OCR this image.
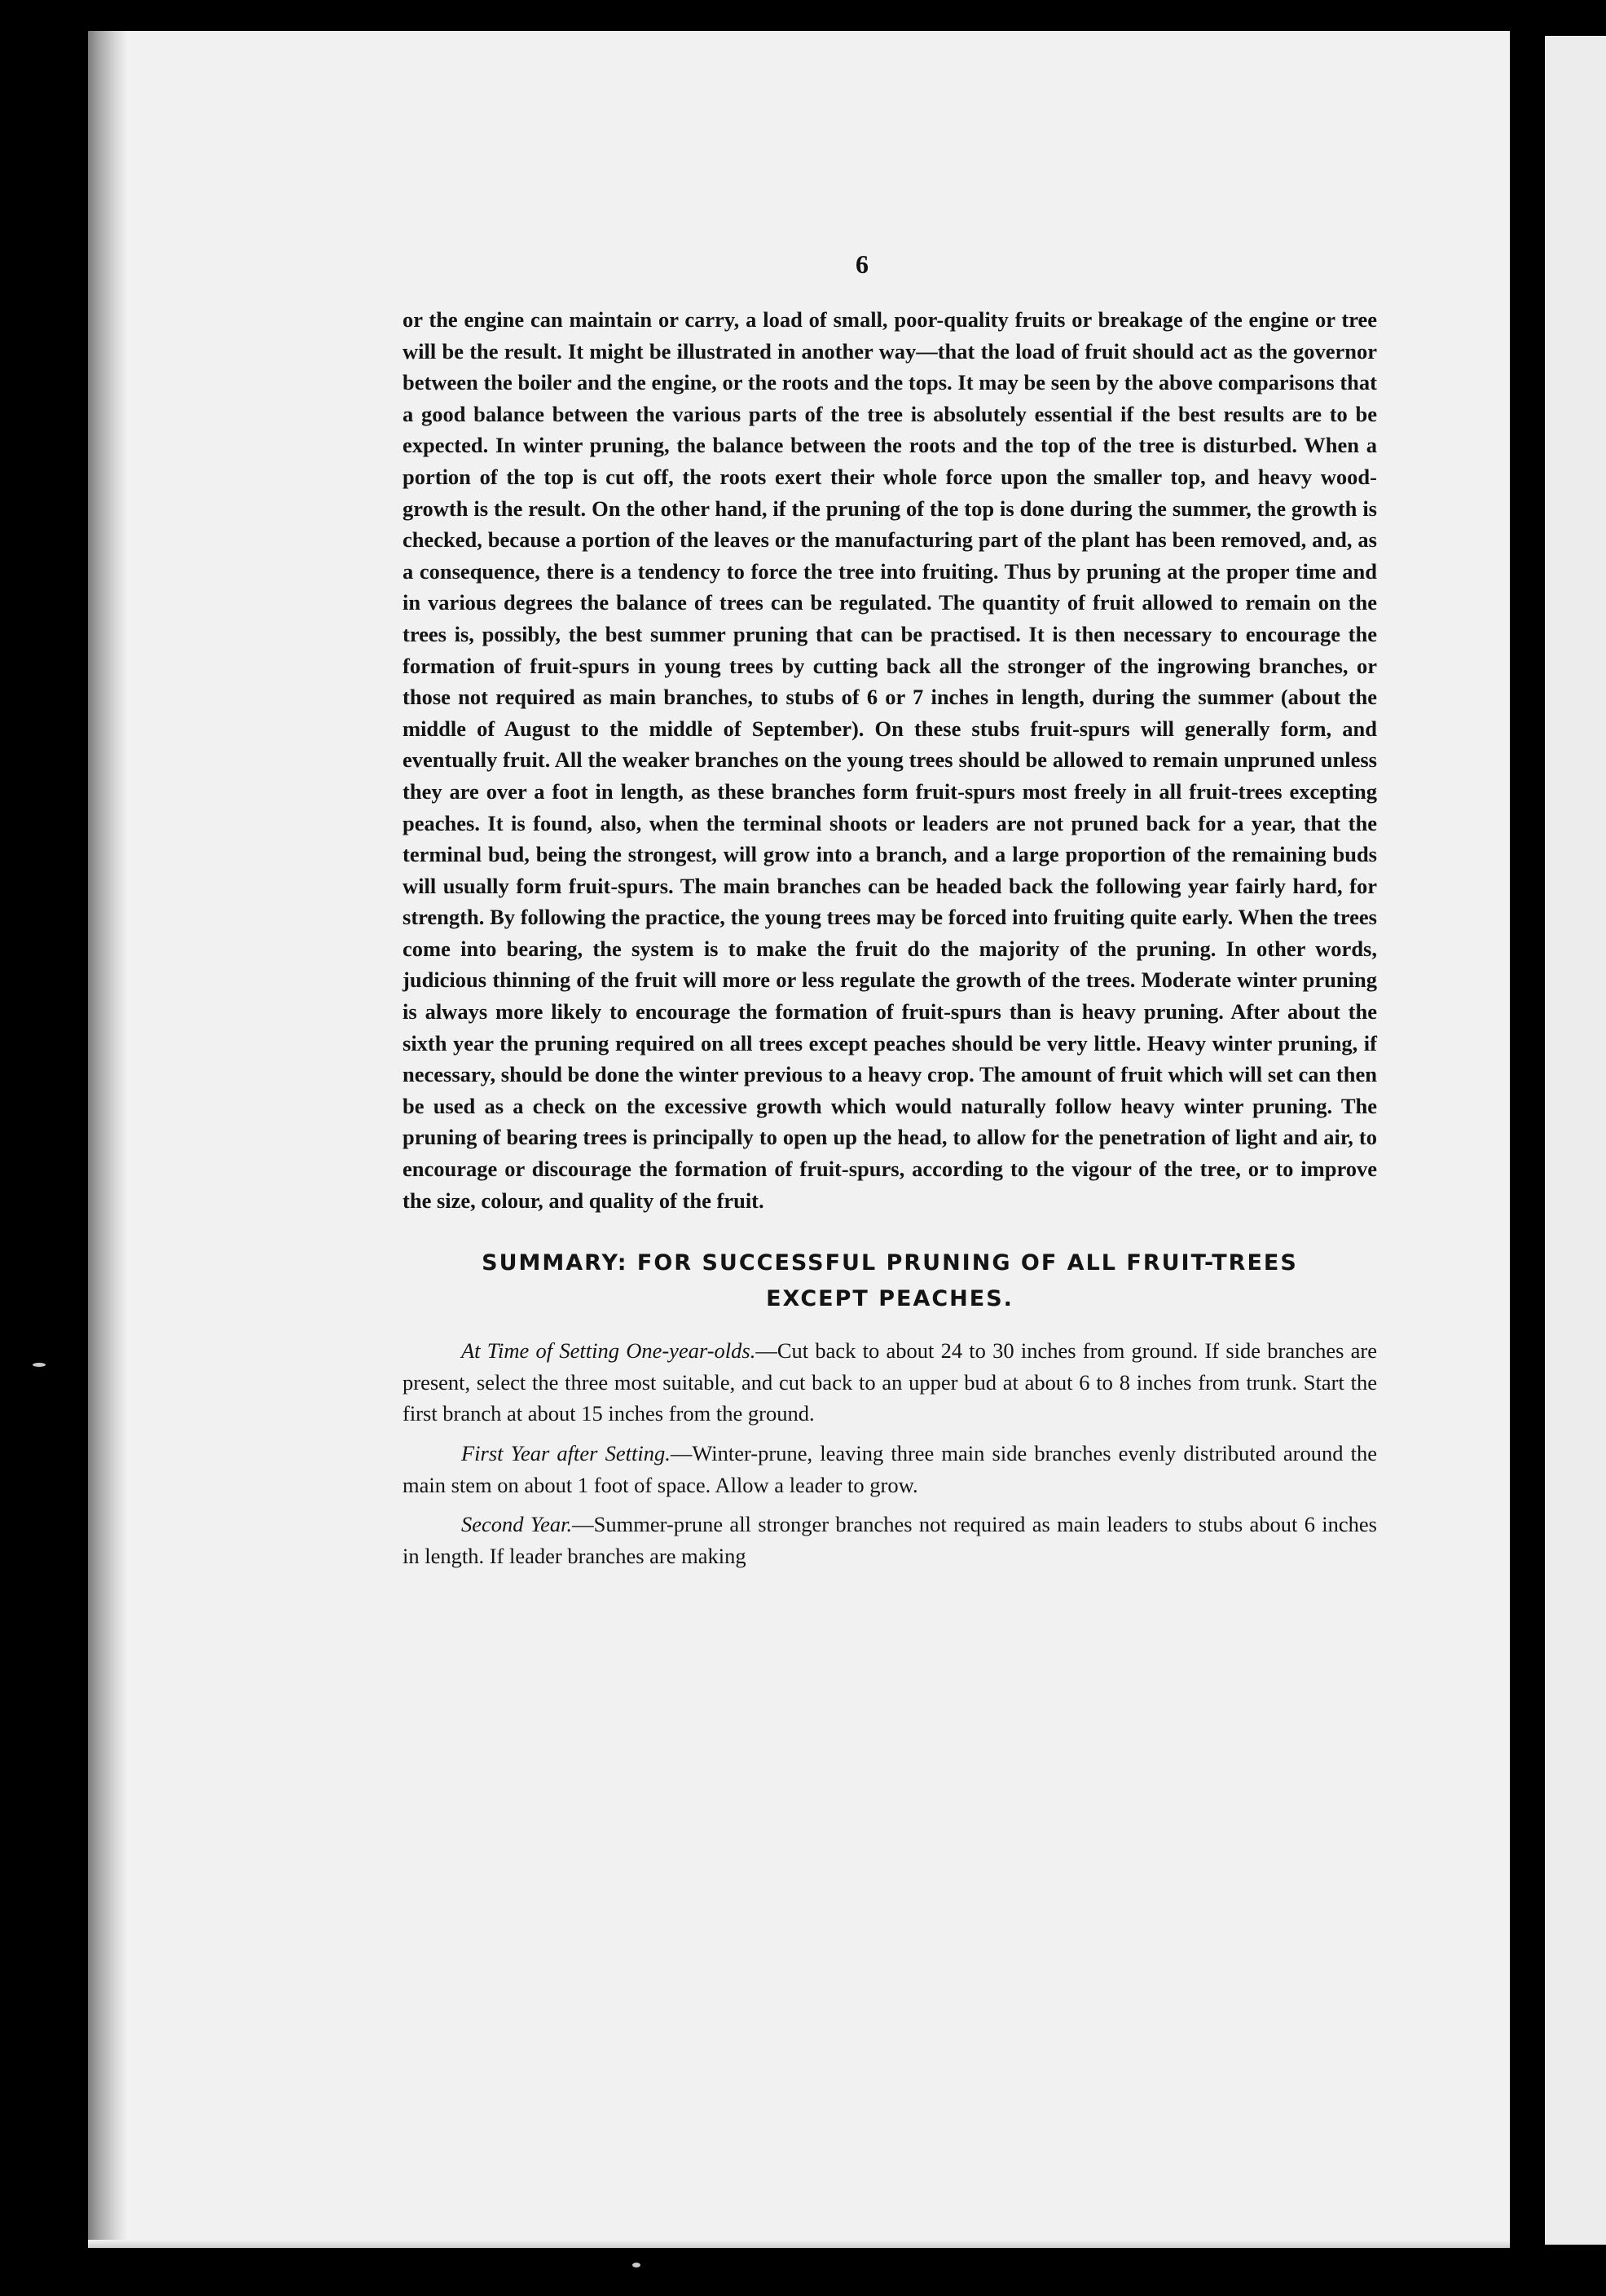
6

or the engine can maintain or carry, a load of small, poor-quality fruits or breakage of the engine or tree will be the result. It might be illustrated in another way—that the load of fruit should act as the governor between the boiler and the engine, or the roots and the tops. It may be seen by the above comparisons that a good balance between the various parts of the tree is absolutely essential if the best results are to be expected. In winter pruning, the balance between the roots and the top of the tree is disturbed. When a portion of the top is cut off, the roots exert their whole force upon the smaller top, and heavy wood-growth is the result. On the other hand, if the pruning of the top is done during the summer, the growth is checked, because a portion of the leaves or the manufacturing part of the plant has been removed, and, as a consequence, there is a tendency to force the tree into fruiting. Thus by pruning at the proper time and in various degrees the balance of trees can be regulated. The quantity of fruit allowed to remain on the trees is, possibly, the best summer pruning that can be practised. It is then necessary to encourage the formation of fruit-spurs in young trees by cutting back all the stronger of the ingrowing branches, or those not required as main branches, to stubs of 6 or 7 inches in length, during the summer (about the middle of August to the middle of September). On these stubs fruit-spurs will generally form, and eventually fruit. All the weaker branches on the young trees should be allowed to remain unpruned unless they are over a foot in length, as these branches form fruit-spurs most freely in all fruit-trees excepting peaches. It is found, also, when the terminal shoots or leaders are not pruned back for a year, that the terminal bud, being the strongest, will grow into a branch, and a large proportion of the remaining buds will usually form fruit-spurs. The main branches can be headed back the following year fairly hard, for strength. By following the practice, the young trees may be forced into fruiting quite early. When the trees come into bearing, the system is to make the fruit do the majority of the pruning. In other words, judicious thinning of the fruit will more or less regulate the growth of the trees. Moderate winter pruning is always more likely to encourage the formation of fruit-spurs than is heavy pruning. After about the sixth year the pruning required on all trees except peaches should be very little. Heavy winter pruning, if necessary, should be done the winter previous to a heavy crop. The amount of fruit which will set can then be used as a check on the excessive growth which would naturally follow heavy winter pruning. The pruning of bearing trees is principally to open up the head, to allow for the penetration of light and air, to encourage or discourage the formation of fruit-spurs, according to the vigour of the tree, or to improve the size, colour, and quality of the fruit.

SUMMARY: FOR SUCCESSFUL PRUNING OF ALL FRUIT-TREES
EXCEPT PEACHES.

At Time of Setting One-year-olds.—Cut back to about 24 to 30 inches from ground. If side branches are present, select the three most suitable, and cut back to an upper bud at about 6 to 8 inches from trunk. Start the first branch at about 15 inches from the ground.

First Year after Setting.—Winter-prune, leaving three main side branches evenly distributed around the main stem on about 1 foot of space. Allow a leader to grow.

Second Year.—Summer-prune all stronger branches not required as main leaders to stubs about 6 inches in length. If leader branches are making
